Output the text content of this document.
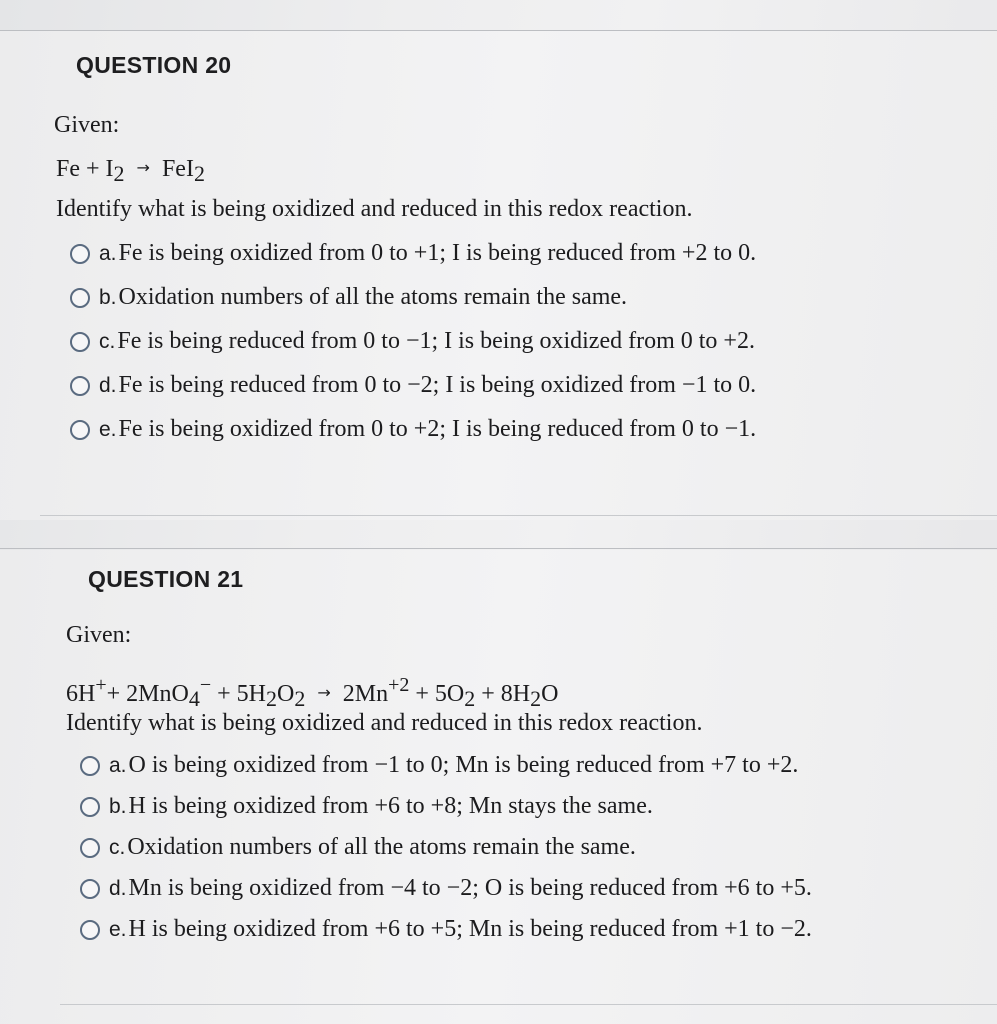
QUESTION 20
Given:
$Fe + I_2 \to FeI_2$
Identify what is being oxidized and reduced in this redox reaction.
a. Fe is being oxidized from 0 to +1; I is being reduced from +2 to 0.
b. Oxidation numbers of all the atoms remain the same.
c. Fe is being reduced from 0 to −1; I is being oxidized from 0 to +2.
d. Fe is being reduced from 0 to −2; I is being oxidized from −1 to 0.
e. Fe is being oxidized from 0 to +2; I is being reduced from 0 to −1.
QUESTION 21
Given:
$6H^++ 2MnO_4^- + 5H_2O_2 \to 2Mn^{+2} + 5O_2 + 8H_2O$
Identify what is being oxidized and reduced in this redox reaction.
a. O is being oxidized from −1 to 0; Mn is being reduced from +7 to +2.
b. H is being oxidized from +6 to +8; Mn stays the same.
c. Oxidation numbers of all the atoms remain the same.
d. Mn is being oxidized from −4 to −2; O is being reduced from +6 to +5.
e. H is being oxidized from +6 to +5; Mn is being reduced from +1 to −2.
